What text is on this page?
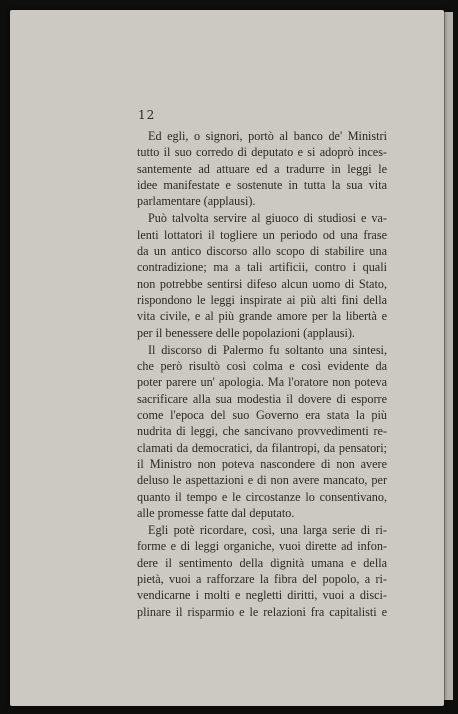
12
Ed egli, o signori, portò al banco de' Ministri
tutto il suo corredo di deputato e si adoprò inces-
santemente ad attuare ed a tradurre in leggi le
idee manifestate e sostenute in tutta la sua vita
parlamentare (applausi).
Può talvolta servire al giuoco di studiosi e va-
lenti lottatori il togliere un periodo od una frase
da un antico discorso allo scopo di stabilire una
contradizione; ma a tali artificii, contro i quali
non potrebbe sentirsi difeso alcun uomo di Stato,
rispondono le leggi inspirate ai più alti fini della
vita civile, e al più grande amore per la libertà e
per il benessere delle popolazioni (applausi).
Il discorso di Palermo fu soltanto una sintesi,
che però risultò così colma e così evidente da
poter parere un' apologia. Ma l'oratore non poteva
sacrificare alla sua modestia il dovere di esporre
come l'epoca del suo Governo era stata la più
nudrita di leggi, che sancivano provvedimenti re-
clamati da democratici, da filantropi, da pensatori;
il Ministro non poteva nascondere di non avere
deluso le aspettazioni e di non avere mancato, per
quanto il tempo e le circostanze lo consentivano,
alle promesse fatte dal deputato.
Egli potè ricordare, così, una larga serie di ri-
forme e di leggi organiche, vuoi dirette ad infon-
dere il sentimento della dignità umana e della
pietà, vuoi a rafforzare la fibra del popolo, a ri-
vendicarne i molti e negletti diritti, vuoi a disci-
plinare il risparmio e le relazioni fra capitalisti e
